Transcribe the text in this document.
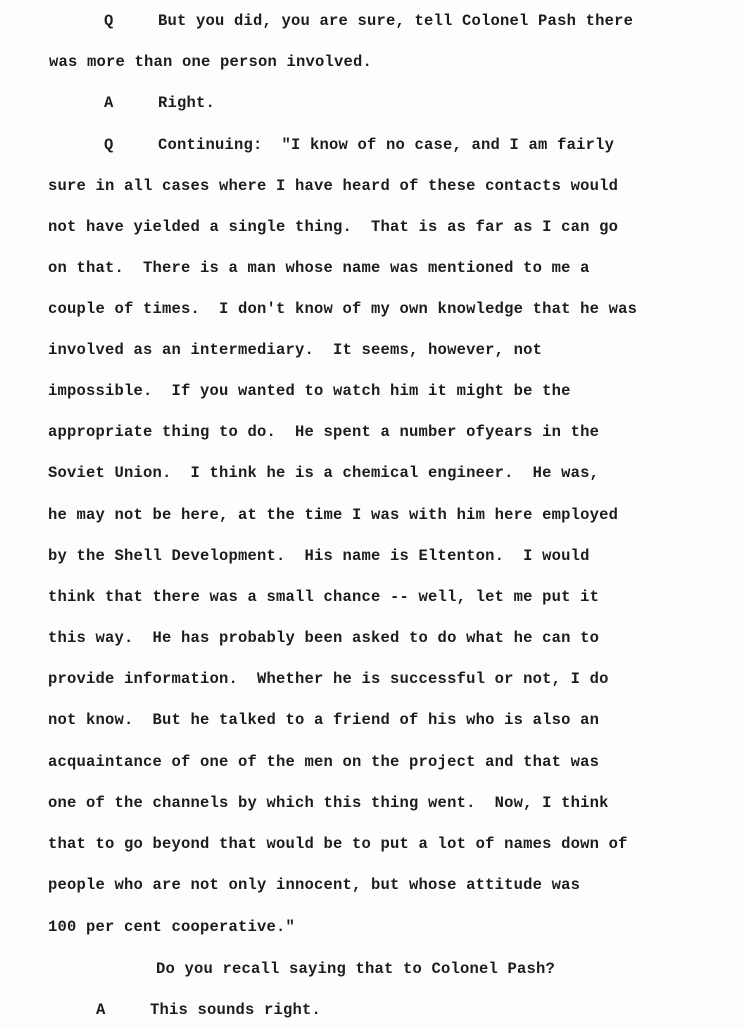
Q	But you did, you are sure, tell Colonel Pash there
was more than one person involved.
A	Right.
Q	Continuing:  "I know of no case, and I am fairly
sure in all cases where I have heard of these contacts would
not have yielded a single thing.  That is as far as I can go
on that.  There is a man whose name was mentioned to me a
couple of times.  I don't know of my own knowledge that he was
involved as an intermediary.  It seems, however, not
impossible.  If you wanted to watch him it might be the
appropriate thing to do.  He spent a number ofyears in the
Soviet Union.  I think he is a chemical engineer.  He was,
he may not be here, at the time I was with him here employed
by the Shell Development.  His name is Eltenton.  I would
think that there was a small chance -- well, let me put it
this way.  He has probably been asked to do what he can to
provide information.  Whether he is successful or not, I do
not know.  But he talked to a friend of his who is also an
acquaintance of one of the men on the project and that was
one of the channels by which this thing went.  Now, I think
that to go beyond that would be to put a lot of names down of
people who are not only innocent, but whose attitude was
100 per cent cooperative."
Do you recall saying that to Colonel Pash?
A	This sounds right.
